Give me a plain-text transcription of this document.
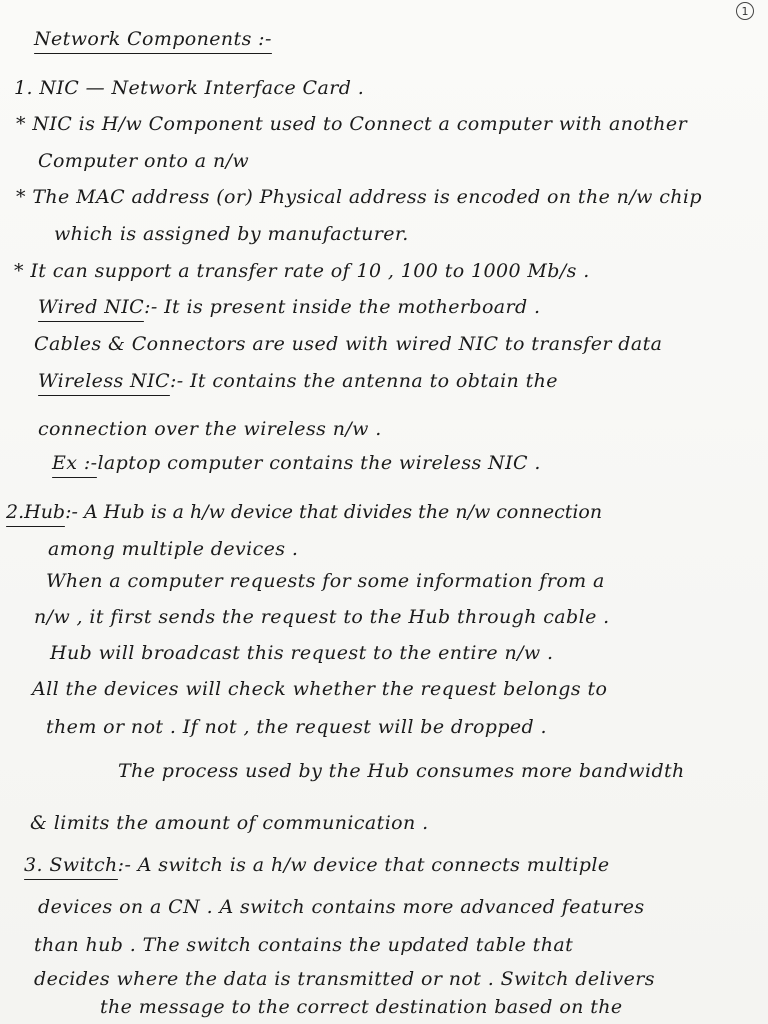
1
Network Components :-
1. NIC — Network Interface Card .
* NIC is H/w Component used to Connect a computer with another
Computer onto a n/w
* The MAC address (or) Physical address is encoded on the n/w chip
which is assigned by manufacturer.
* It can support a transfer rate of 10 , 100 to 1000 Mb/s .
Wired NIC:- It is present inside the motherboard .
Cables & Connectors are used with wired NIC to transfer data
Wireless NIC:- It contains the antenna to obtain the
connection over the wireless n/w .
Ex :-laptop computer contains the wireless NIC .
2.Hub:- A Hub is a h/w device that divides the n/w connection
among multiple devices .
When a computer requests for some information from a
n/w , it first sends the request to the Hub through cable .
Hub will broadcast this request to the entire n/w .
All the devices will check whether the request belongs to
them or not . If not , the request will be dropped .
The process used by the Hub consumes more bandwidth
& limits the amount of communication .
3. Switch:- A switch is a h/w device that connects multiple
devices on a CN . A switch contains more advanced features
than hub . The switch contains the updated table that
decides where the data is transmitted or not . Switch delivers
the message to the correct destination based on the
